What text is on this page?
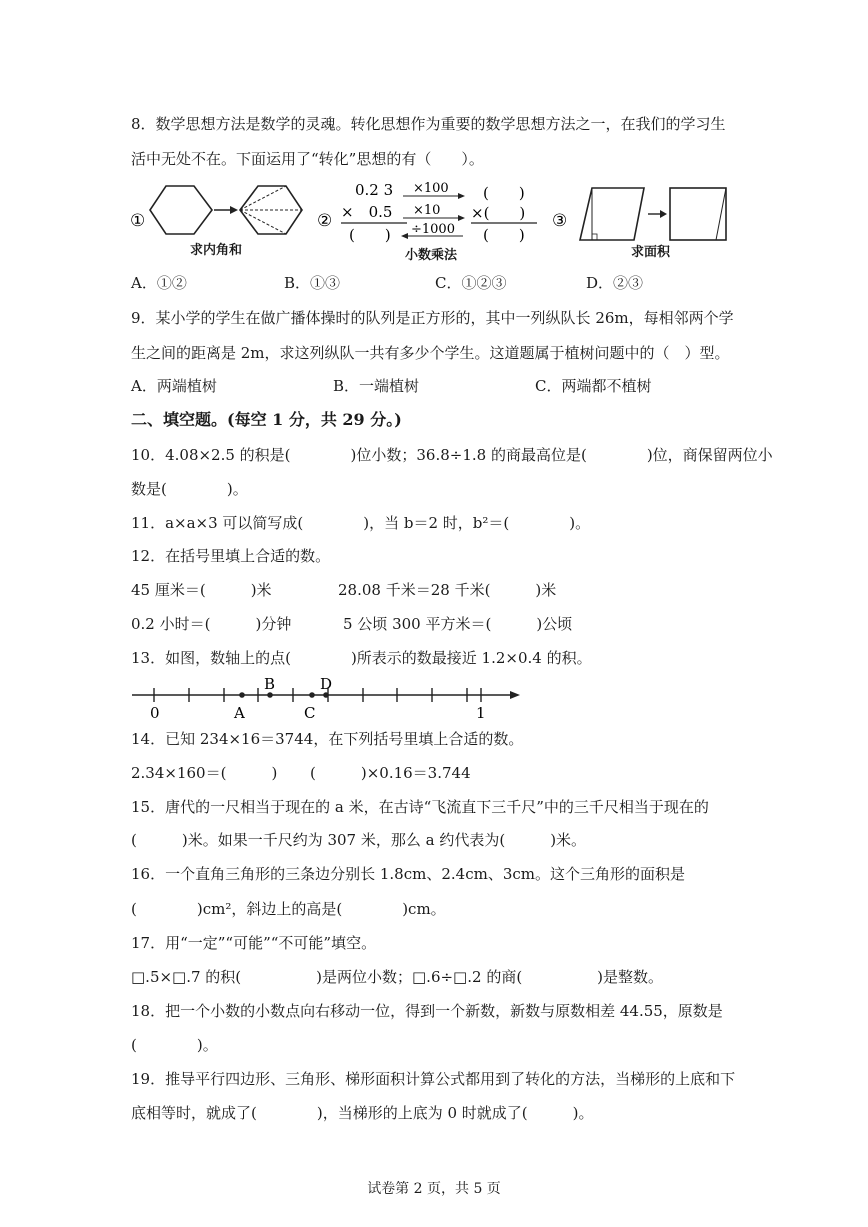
8．数学思想方法是数学的灵魂。转化思想作为重要的数学思想方法之一，在我们的学习生
活中无处不在。下面运用了“转化”思想的有（　　）。
①
求内角和
②
0.2 3
×　0.5
(　　)
×100
×10
÷1000
(　　)
×(　　)
(　　)
小数乘法
③
求面积
A．①②	B．①③	C．①②③	D．②③
9．某小学的学生在做广播体操时的队列是正方形的，其中一列纵队长 26m，每相邻两个学
生之间的距离是 2m，求这列纵队一共有多少个学生。这道题属于植树问题中的（　）型。
A．两端植树	B．一端植树	C．两端都不植树
二、填空题。(每空 1 分，共 29 分。)
10．4.08×2.5 的积是(　　　　)位小数；36.8÷1.8 的商最高位是(　　　　)位，商保留两位小
数是(　　　　)。
11．a×a×3 可以简写成(　　　　)，当 b＝2 时，b²＝(　　　　)。
12．在括号里填上合适的数。
45 厘米＝(　　　)米	28.08 千米＝28 千米(　　　)米
0.2 小时＝(　　　)分钟	5 公顷 300 平方米＝(　　　)公顷
13．如图，数轴上的点(　　　　)所表示的数最接近 1.2×0.4 的积。
0	A
B
C
D
1
14．已知 234×16＝3744，在下列括号里填上合适的数。
2.34×160＝(　　　) (　　　)×0.16＝3.744
15．唐代的一尺相当于现在的 a 米，在古诗“飞流直下三千尺”中的三千尺相当于现在的
(　　　)米。如果一千尺约为 307 米，那么 a 约代表为(　　　)米。
16．一个直角三角形的三条边分别长 1.8cm、2.4cm、3cm。这个三角形的面积是
(　　　　)cm²，斜边上的高是(　　　　)cm。
17．用“一定”“可能”“不可能”填空。
□.5×□.7 的积(　　　　　)是两位小数；□.6÷□.2 的商(　　　　　)是整数。
18．把一个小数的小数点向右移动一位，得到一个新数，新数与原数相差 44.55，原数是
(　　　　)。
19．推导平行四边形、三角形、梯形面积计算公式都用到了转化的方法，当梯形的上底和下
底相等时，就成了(　　　　)，当梯形的上底为 0 时就成了(　　　)。
试卷第 2 页，共 5 页
